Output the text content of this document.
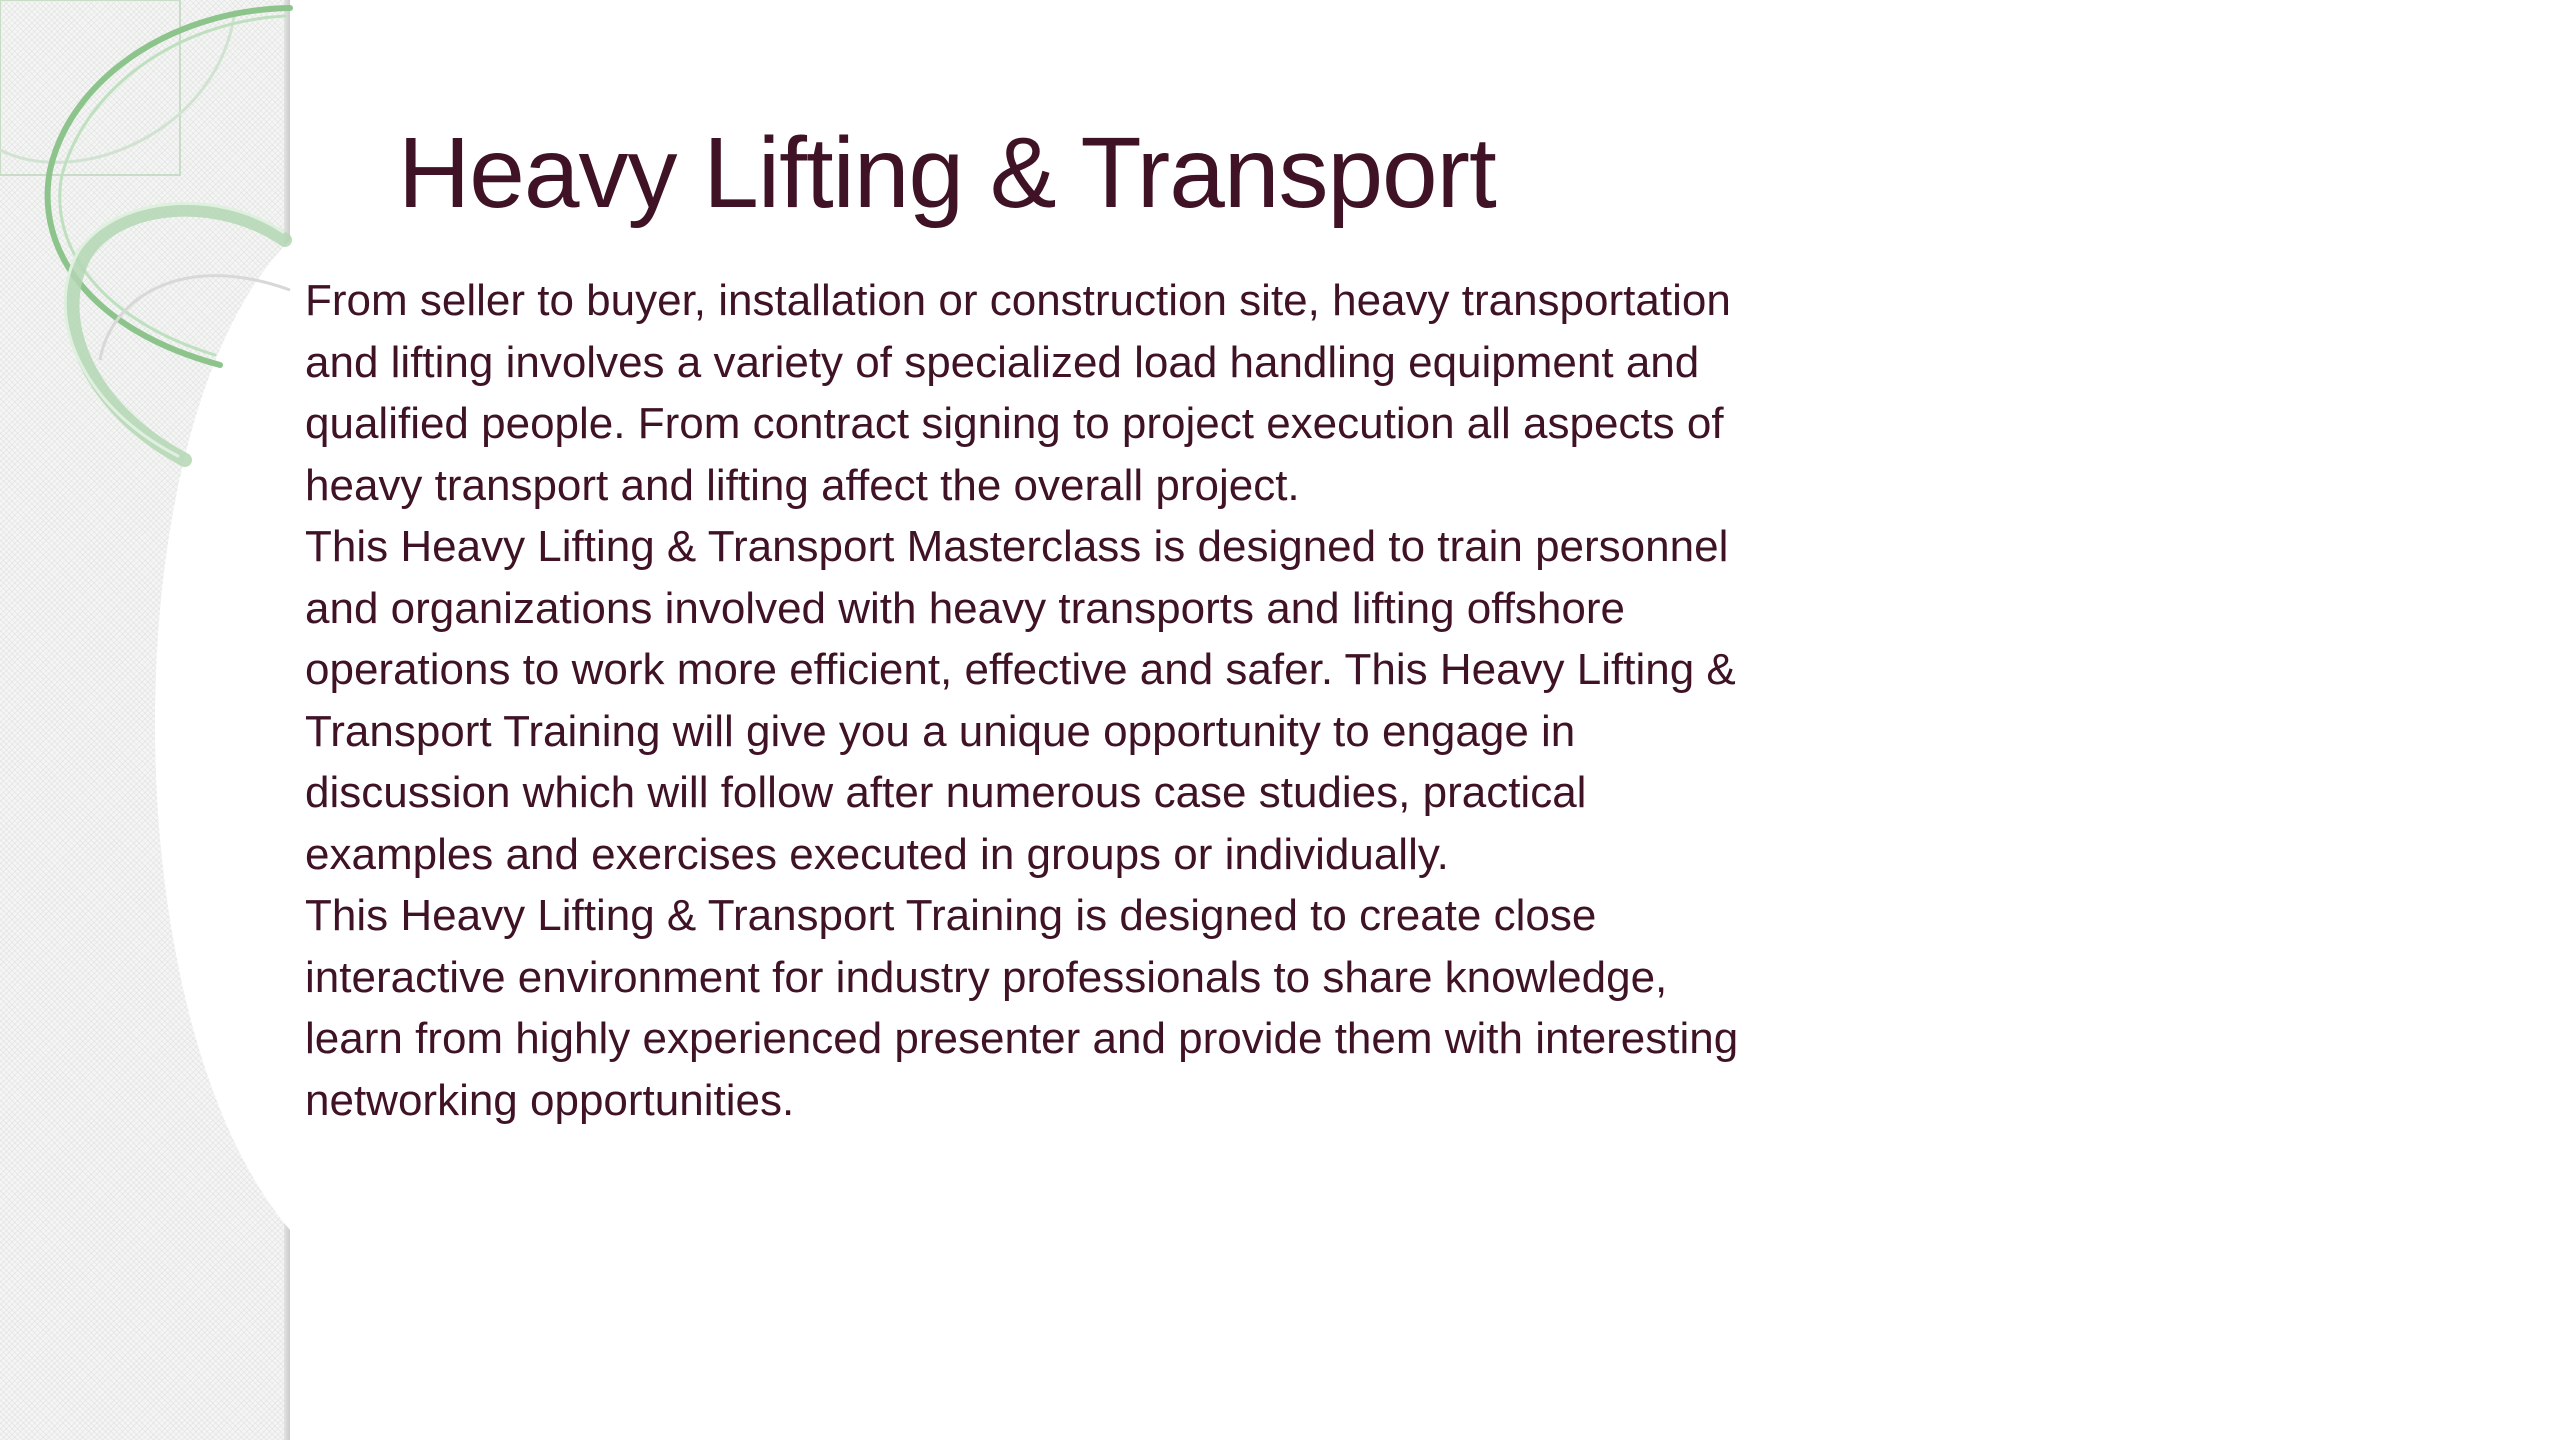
Heavy Lifting & Transport

From seller to buyer, installation or construction site, heavy transportation and lifting involves a variety of specialized load handling equipment and qualified people. From contract signing to project execution all aspects of heavy transport and lifting affect the overall project.

This Heavy Lifting & Transport Masterclass is designed to train personnel and organizations involved with heavy transports and lifting offshore operations to work more efficient, effective and safer. This Heavy Lifting & Transport Training will give you a unique opportunity to engage in discussion which will follow after numerous case studies, practical examples and exercises executed in groups or individually.

This Heavy Lifting & Transport Training is designed to create close interactive environment for industry professionals to share knowledge, learn from highly experienced presenter and provide them with interesting networking opportunities.
